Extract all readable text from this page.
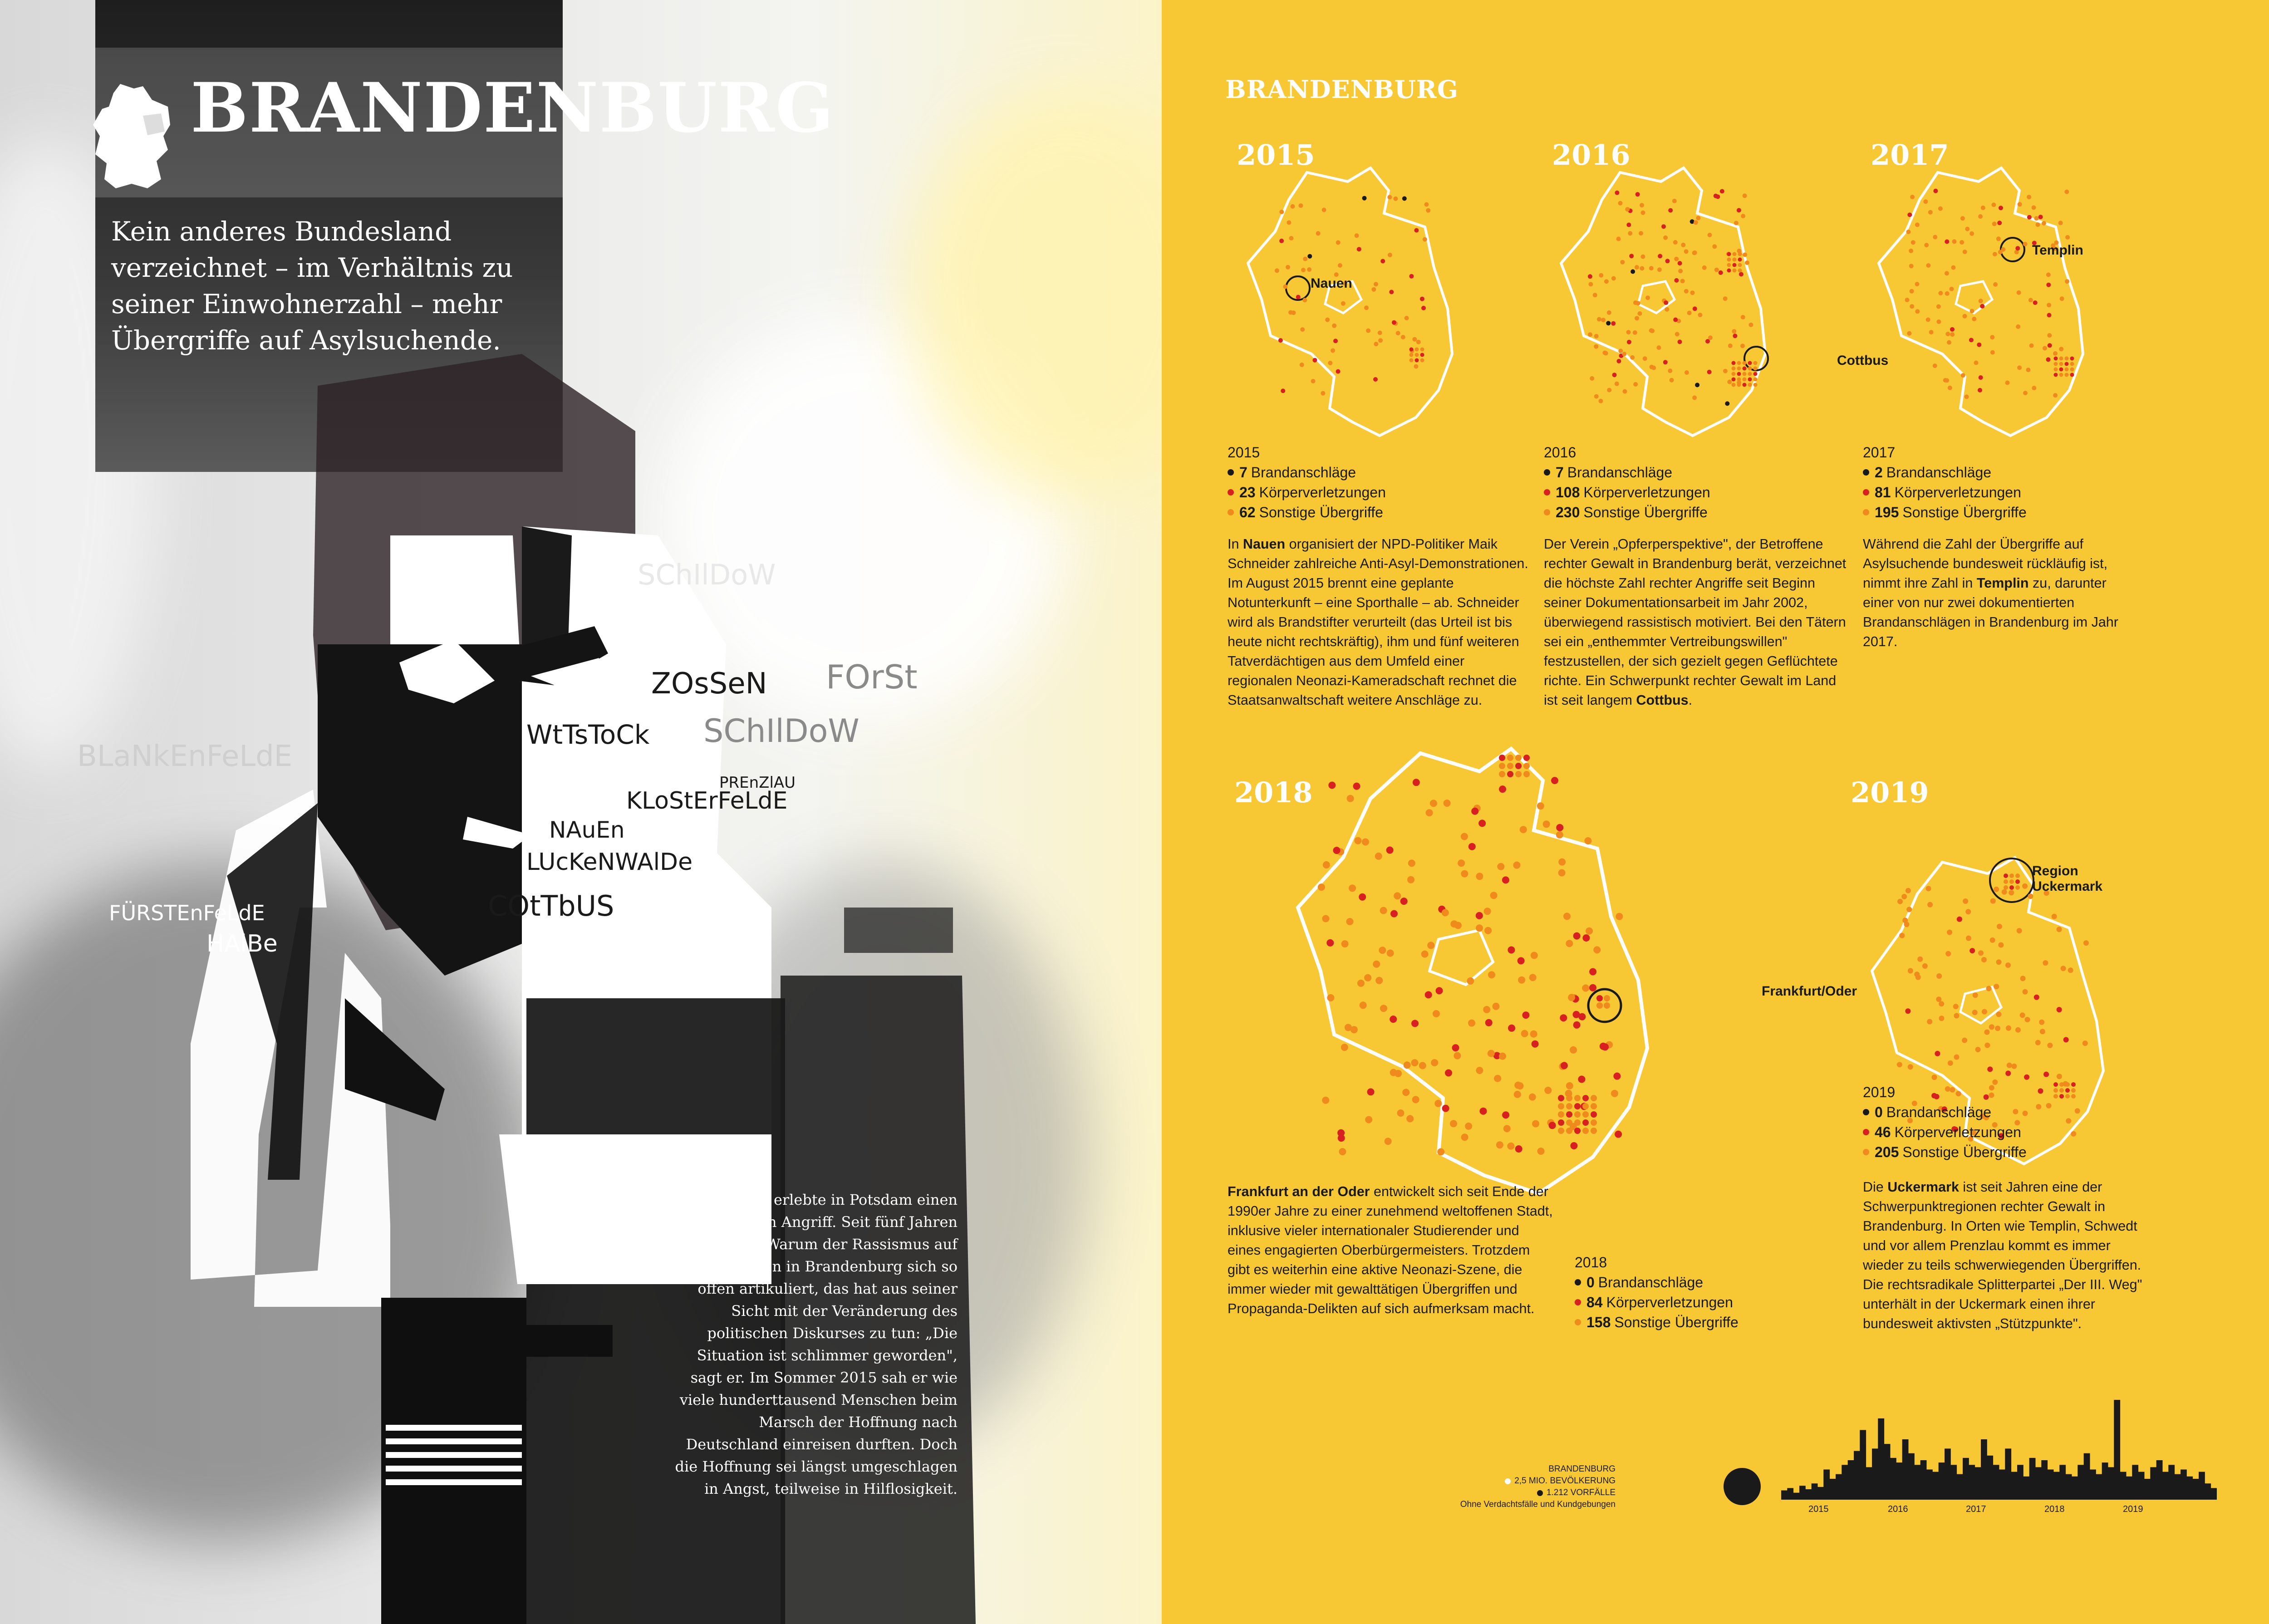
BRANDENBURG
Kein anderes Bundesland verzeichnet – im Verhältnis zu seiner Einwohnerzahl – mehr Übergriffe auf Asylsuchende.
SChIlDoW
FOrSt
ZOsSeN
WtTsToCk SChIlDoW
BLaNkEnFeLdE
PREnZlAU
KLoStErFeLdE
NAuEn
LUcKeNWAlDe
COtTbUS
FÜRSTEnFeLdE
HAlBe
Jibran Khalil erlebte in Potsdam einen rassistischen Angriff. Seit fünf Jahren lebt er hier. Warum der Rassismus auf den Straßen in Brandenburg sich so offen artikuliert, das hat aus seiner Sicht mit der Veränderung des politischen Diskurses zu tun: „Die Situation ist schlimmer geworden", sagt er. Im Sommer 2015 sah er wie viele hunderttausend Menschen beim Marsch der Hoffnung nach Deutschland einreisen durften. Doch die Hoffnung sei längst umgeschlagen in Angst, teilweise in Hilflosigkeit.
BRANDENBURG
2015
Nauen
2016
Cottbus
2017
Templin
2015
7 Brandanschläge
23 Körperverletzungen
62 Sonstige Übergriffe
2016
7 Brandanschläge
108 Körperverletzungen
230 Sonstige Übergriffe
2017
2 Brandanschläge
81 Körperverletzungen
195 Sonstige Übergriffe

In Nauen organisiert der NPD-Politiker Maik Schneider zahlreiche Anti-Asyl-Demonstrationen. Im August 2015 brennt eine geplante Notunterkunft – eine Sporthalle – ab. Schneider wird als Brandstifter verurteilt (das Urteil ist bis heute nicht rechtskräftig), ihm und fünf weiteren Tatverdächtigen aus dem Umfeld einer regionalen Neonazi-Kameradschaft rechnet die Staatsanwaltschaft weitere Anschläge zu.

Der Verein „Opferperspektive", der Betroffene rechter Gewalt in Brandenburg berät, verzeichnet die höchste Zahl rechter Angriffe seit Beginn seiner Dokumentationsarbeit im Jahr 2002, überwiegend rassistisch motiviert. Bei den Tätern sei ein „enthemmter Vertreibungswillen" festzustellen, der sich gezielt gegen Geflüchtete richte. Ein Schwerpunkt rechter Gewalt im Land ist seit langem Cottbus.

Während die Zahl der Übergriffe auf Asylsuchende bundesweit rückläufig ist, nimmt ihre Zahl in Templin zu, darunter einer von nur zwei dokumentierten Brandanschlägen in Brandenburg im Jahr 2017.

2018
Frankfurt/Oder
2019
Region Uckermark
2019
0 Brandanschläge
46 Körperverletzungen
205 Sonstige Übergriffe

Die Uckermark ist seit Jahren eine der Schwerpunktregionen rechter Gewalt in Brandenburg. In Orten wie Templin, Schwedt und vor allem Prenzlau kommt es immer wieder zu teils schwerwiegenden Übergriffen. Die rechtsradikale Splitterpartei „Der III. Weg" unterhält in der Uckermark einen ihrer bundesweit aktivsten „Stützpunkte".

Frankfurt an der Oder entwickelt sich seit Ende der 1990er Jahre zu einer zunehmend weltoffenen Stadt, inklusive vieler internationaler Studierender und eines engagierten Oberbürgermeisters. Trotzdem gibt es weiterhin eine aktive Neonazi-Szene, die immer wieder mit gewalttätigen Übergriffen und Propaganda-Delikten auf sich aufmerksam macht.

2018
0 Brandanschläge
84 Körperverletzungen
158 Sonstige Übergriffe
BRANDENBURG
2,5 MIO. BEVÖLKERUNG
1.212 VORFÄLLE
Ohne Verdachtsfälle und Kundgebungen	2015	2016	2017	2018	2019
